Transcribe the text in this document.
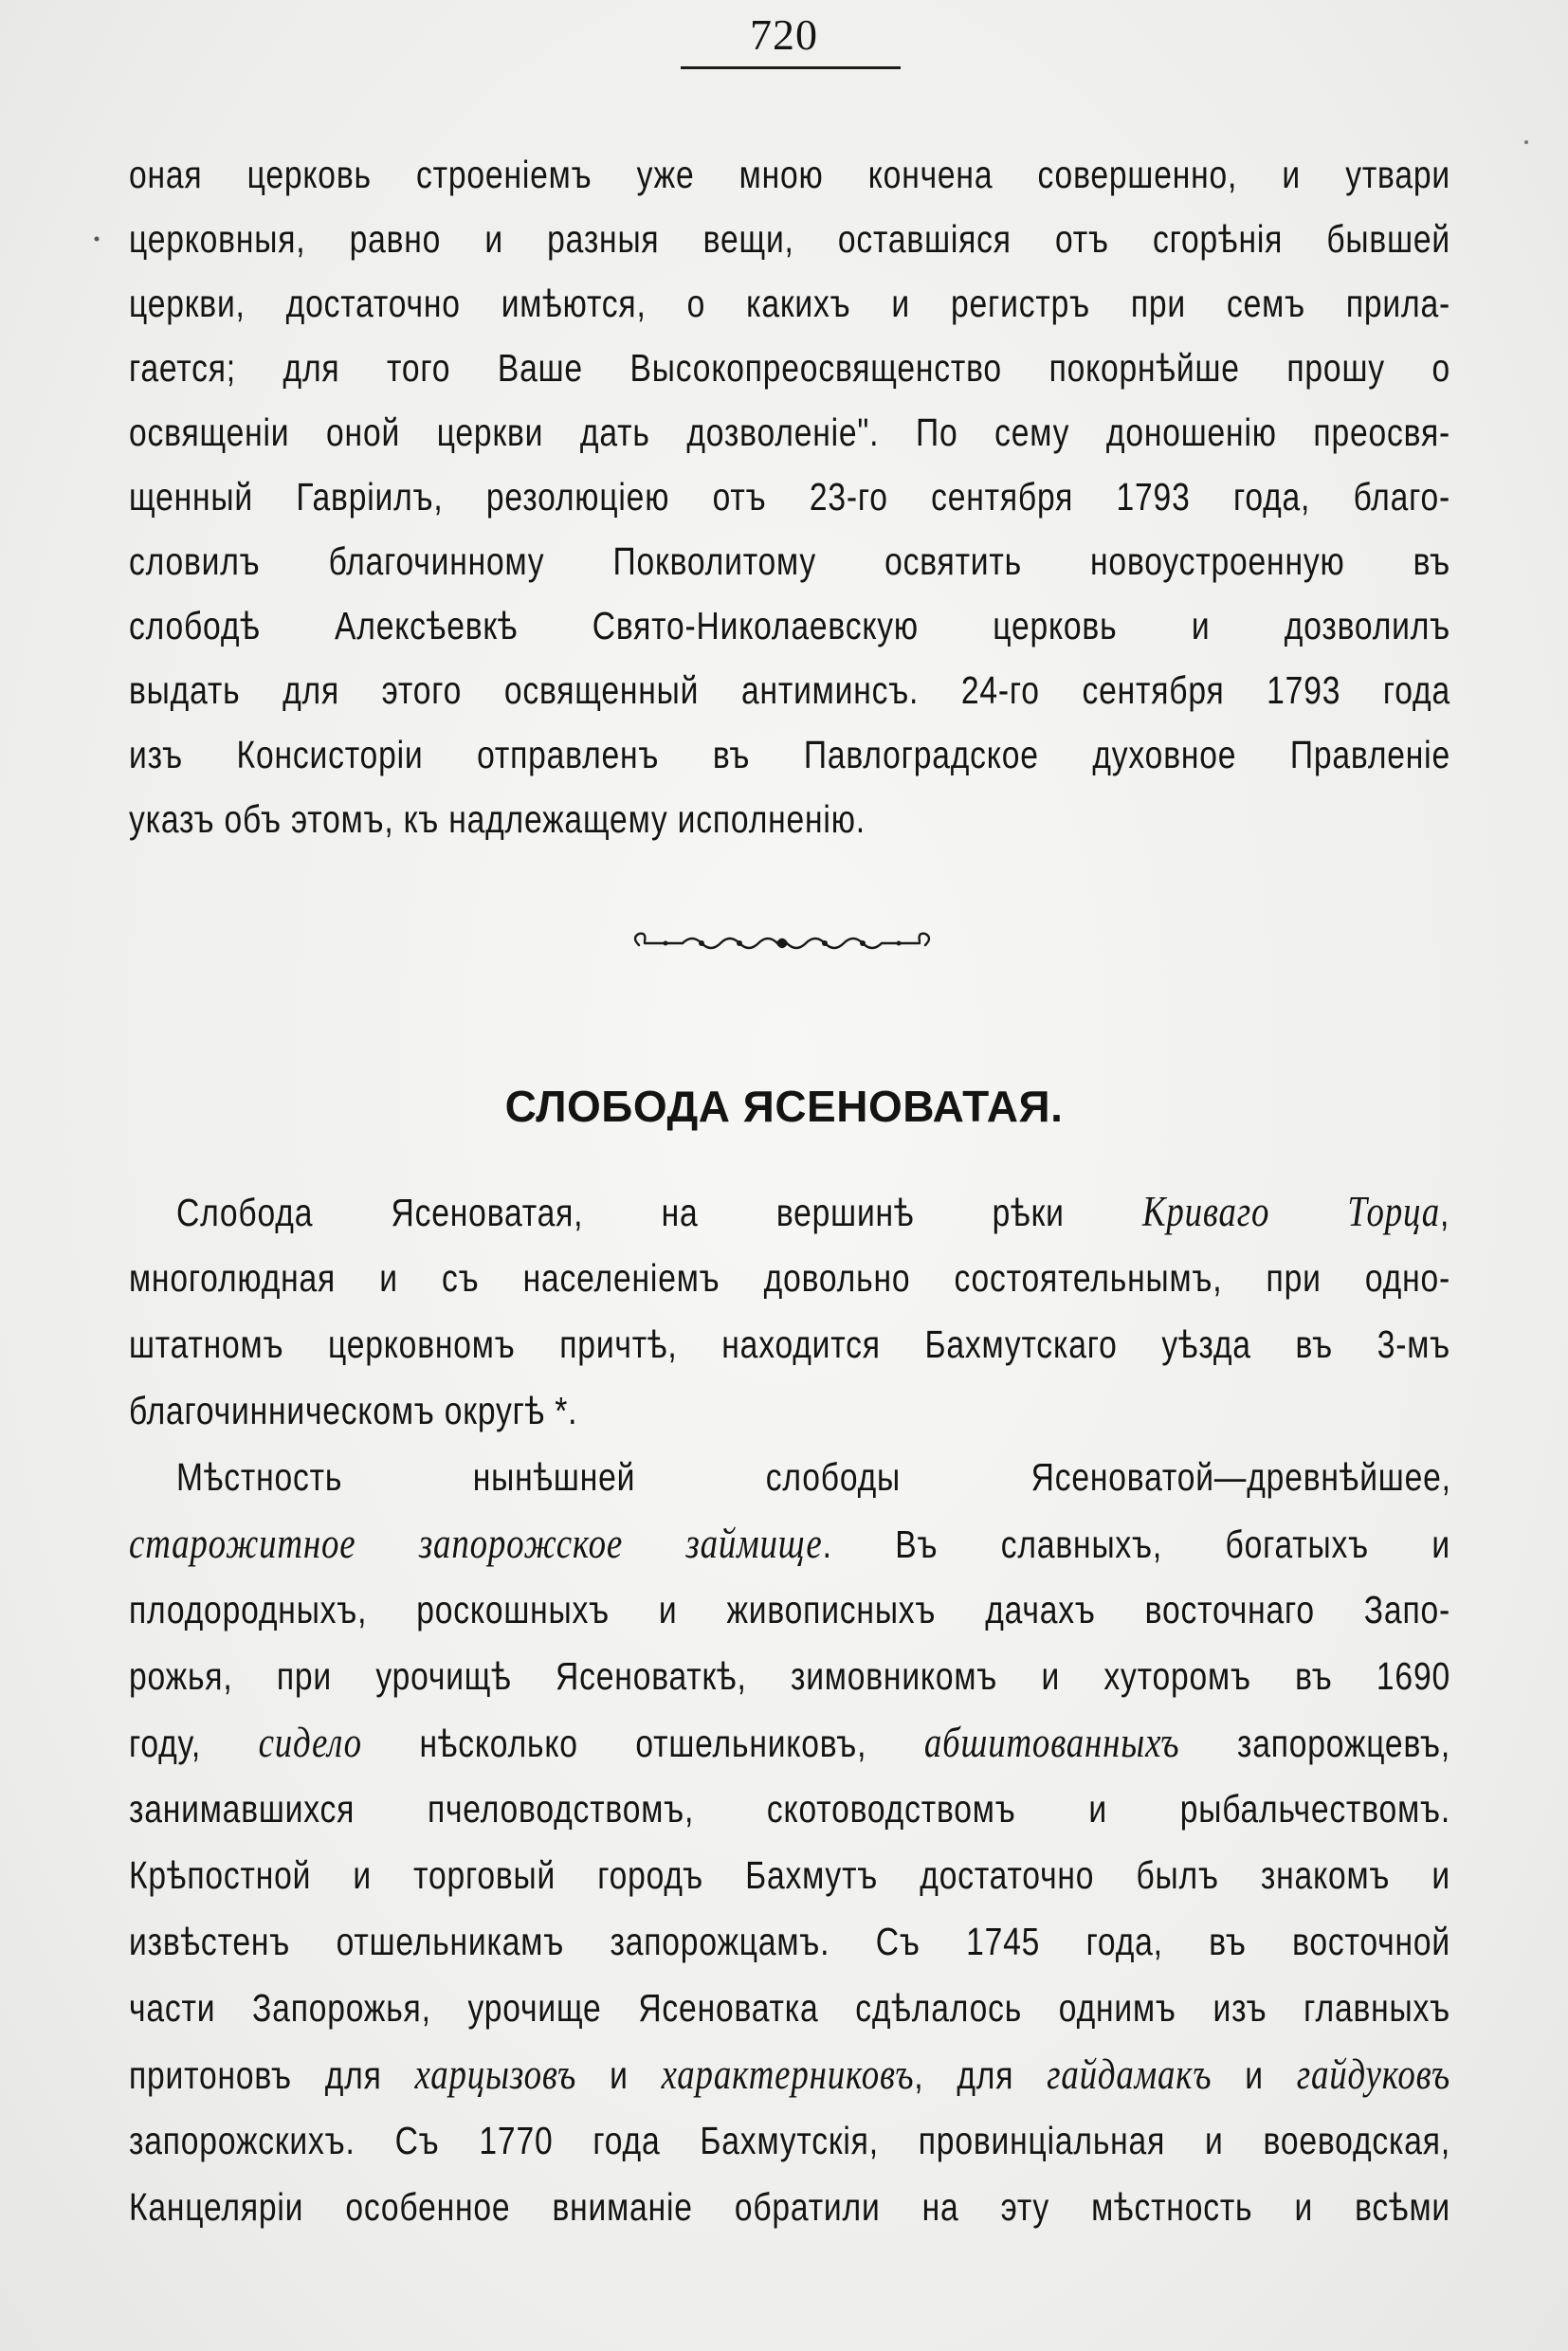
720
оная церковь строеніемъ уже мною кончена совершенно, и утвари
церковныя, равно и разныя вещи, оставшіяся отъ сгорѣнія бывшей
церкви, достаточно имѣются, о какихъ и регистръ при семъ прила-
гается; для того Ваше Высокопреосвященство покорнѣйше прошу о
освященіи оной церкви дать дозволеніе". По сему доношенію преосвя-
щенный Гавріилъ, резолюціею отъ 23-го сентября 1793 года, благо-
словилъ благочинному Покволитому освятить новоустроенную въ
слободѣ Алексѣевкѣ Свято-Николаевскую церковь и дозволилъ
выдать для этого освященный антиминсъ. 24-го сентября 1793 года
изъ Консисторіи отправленъ въ Павлоградское духовное Правленіе
указъ объ этомъ, къ надлежащему исполненію.
СЛОБОДА ЯСЕНОВАТАЯ.
Слобода Ясеноватая, на вершинѣ рѣки Криваго Торца,
многолюдная и съ населеніемъ довольно состоятельнымъ, при одно-
штатномъ церковномъ причтѣ, находится Бахмутскаго уѣзда въ 3-мъ
благочинническомъ округѣ *.
Мѣстность нынѣшней слободы Ясеноватой—древнѣйшее,
старожитное запорожское займище. Въ славныхъ, богатыхъ и
плодородныхъ, роскошныхъ и живописныхъ дачахъ восточнаго Запо-
рожья, при урочищѣ Ясеноваткѣ, зимовникомъ и хуторомъ въ 1690
году, сидело нѣсколько отшельниковъ, абшитованныхъ запорожцевъ,
занимавшихся пчеловодствомъ, скотоводствомъ и рыбальчествомъ.
Крѣпостной и торговый городъ Бахмутъ достаточно былъ знакомъ и
извѣстенъ отшельникамъ запорожцамъ. Съ 1745 года, въ восточной
части Запорожья, урочище Ясеноватка сдѣлалось однимъ изъ главныхъ
притоновъ для харцызовъ и характерниковъ, для гайдамакъ и гайдуковъ
запорожскихъ. Съ 1770 года Бахмутскія, провинціальная и воеводская,
Канцеляріи особенное вниманіе обратили на эту мѣстность и всѣми
